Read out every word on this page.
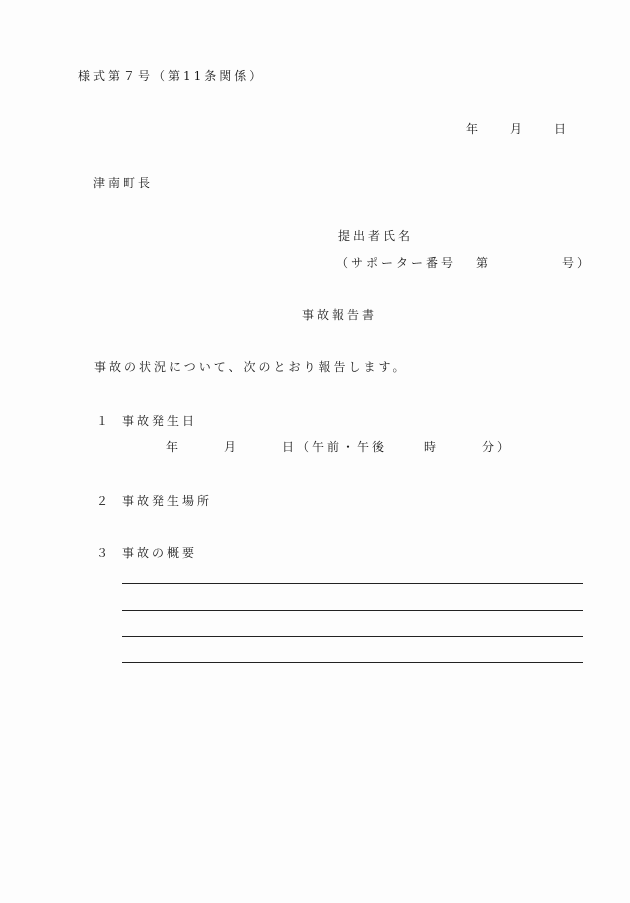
様式第７号（第11条関係）
年 月 日
津南町長
提出者氏名
（サポーター番号 第	号）
事故報告書
事故の状況について、次のとおり報告します。
１ 事故発生日
年	月	日（午前・午後	時	分）
２ 事故発生場所
３ 事故の概要
